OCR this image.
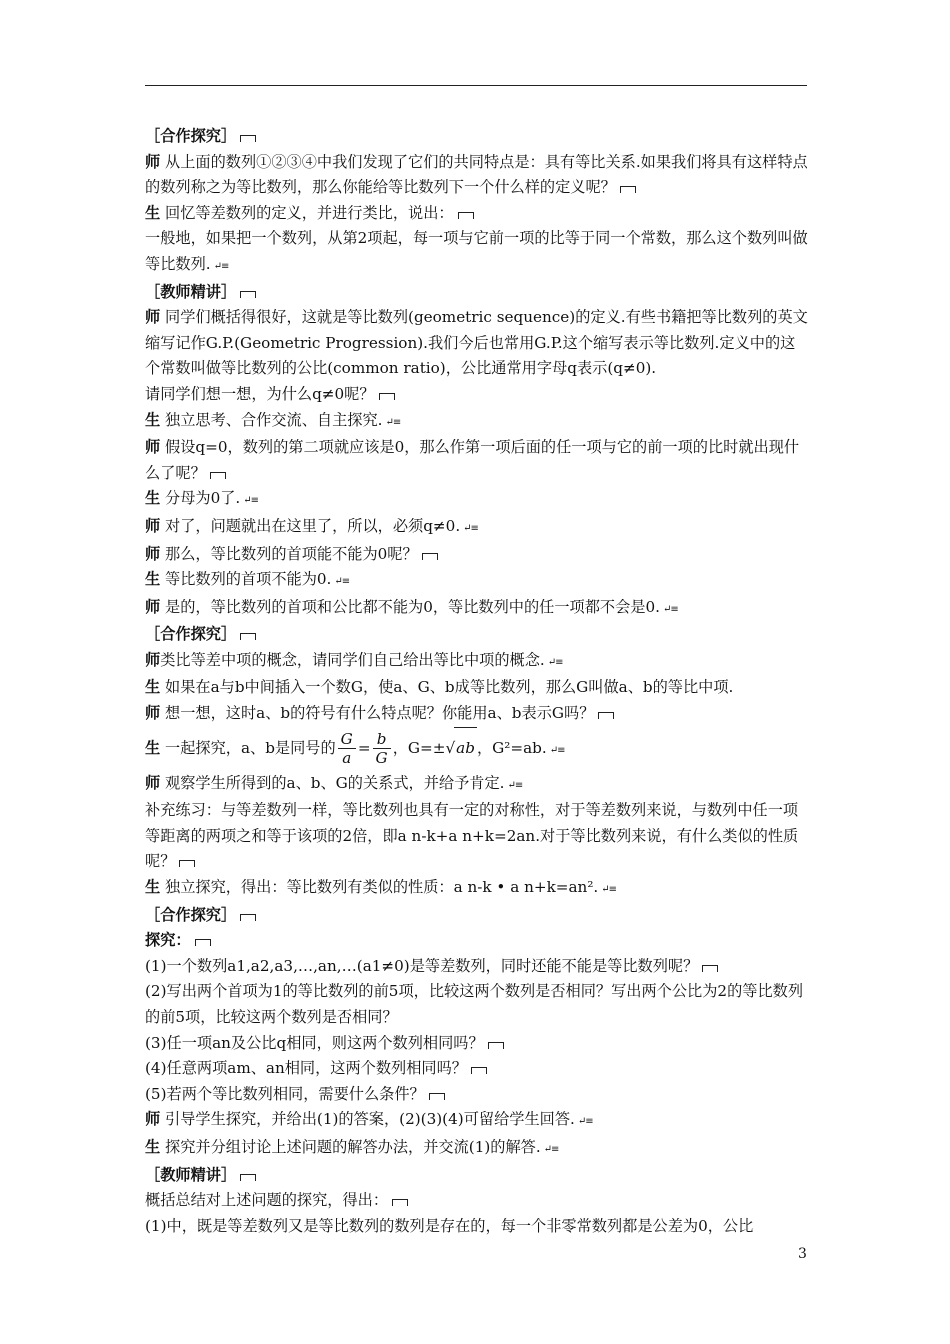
［合作探究］
师 从上面的数列①②③④中我们发现了它们的共同特点是：具有等比关系.如果我们将具有这样特点的数列称之为等比数列，那么你能给等比数列下一个什么样的定义呢？
生 回忆等差数列的定义，并进行类比，说出：
一般地，如果把一个数列，从第2项起，每一项与它前一项的比等于同一个常数，那么这个数列叫做等比数列. ↵≡
［教师精讲］
师 同学们概括得很好，这就是等比数列(geometric sequence)的定义.有些书籍把等比数列的英文缩写记作G.P.(Geometric Progression).我们今后也常用G.P.这个缩写表示等比数列.定义中的这个常数叫做等比数列的公比(common ratio)，公比通常用字母q表示(q≠0).
请同学们想一想，为什么q≠0呢？
生 独立思考、合作交流、自主探究. ↵≡
师 假设q=0，数列的第二项就应该是0，那么作第一项后面的任一项与它的前一项的比时就出现什么了呢？
生 分母为0了. ↵≡
师 对了，问题就出在这里了，所以，必须q≠0. ↵≡
师 那么，等比数列的首项能不能为0呢？
生 等比数列的首项不能为0. ↵≡
师 是的，等比数列的首项和公比都不能为0，等比数列中的任一项都不会是0. ↵≡
［合作探究］
师类比等差中项的概念，请同学们自己给出等比中项的概念. ↵≡
生 如果在a与b中间插入一个数G，使a、G、b成等比数列，那么G叫做a、b的等比中项.
师 想一想，这时a、b的符号有什么特点呢？你能用a、b表示G吗？
生 一起探究，a、b是同号的 $\frac{G}{a} = \frac{b}{G}$ ，G=±√ab ，G²=ab. ↵≡
师 观察学生所得到的a、b、G的关系式，并给予肯定. ↵≡
补充练习：与等差数列一样，等比数列也具有一定的对称性，对于等差数列来说，与数列中任一项等距离的两项之和等于该项的2倍，即a n-k+a n+k=2an.对于等比数列来说，有什么类似的性质呢？
生 独立探究，得出：等比数列有类似的性质：a n-k • a n+k=an². ↵≡
［合作探究］
探究：
(1)一个数列a1,a2,a3,…,an,…(a1≠0)是等差数列，同时还能不能是等比数列呢？
(2)写出两个首项为1的等比数列的前5项，比较这两个数列是否相同？写出两个公比为2的等比数列的前5项，比较这两个数列是否相同？
(3)任一项an及公比q相同，则这两个数列相同吗？
(4)任意两项am、an相同，这两个数列相同吗？
(5)若两个等比数列相同，需要什么条件？
师 引导学生探究，并给出(1)的答案，(2)(3)(4)可留给学生回答. ↵≡
生 探究并分组讨论上述问题的解答办法，并交流(1)的解答. ↵≡
［教师精讲］
概括总结对上述问题的探究，得出：
(1)中，既是等差数列又是等比数列的数列是存在的，每一个非零常数列都是公差为0，公比
3
